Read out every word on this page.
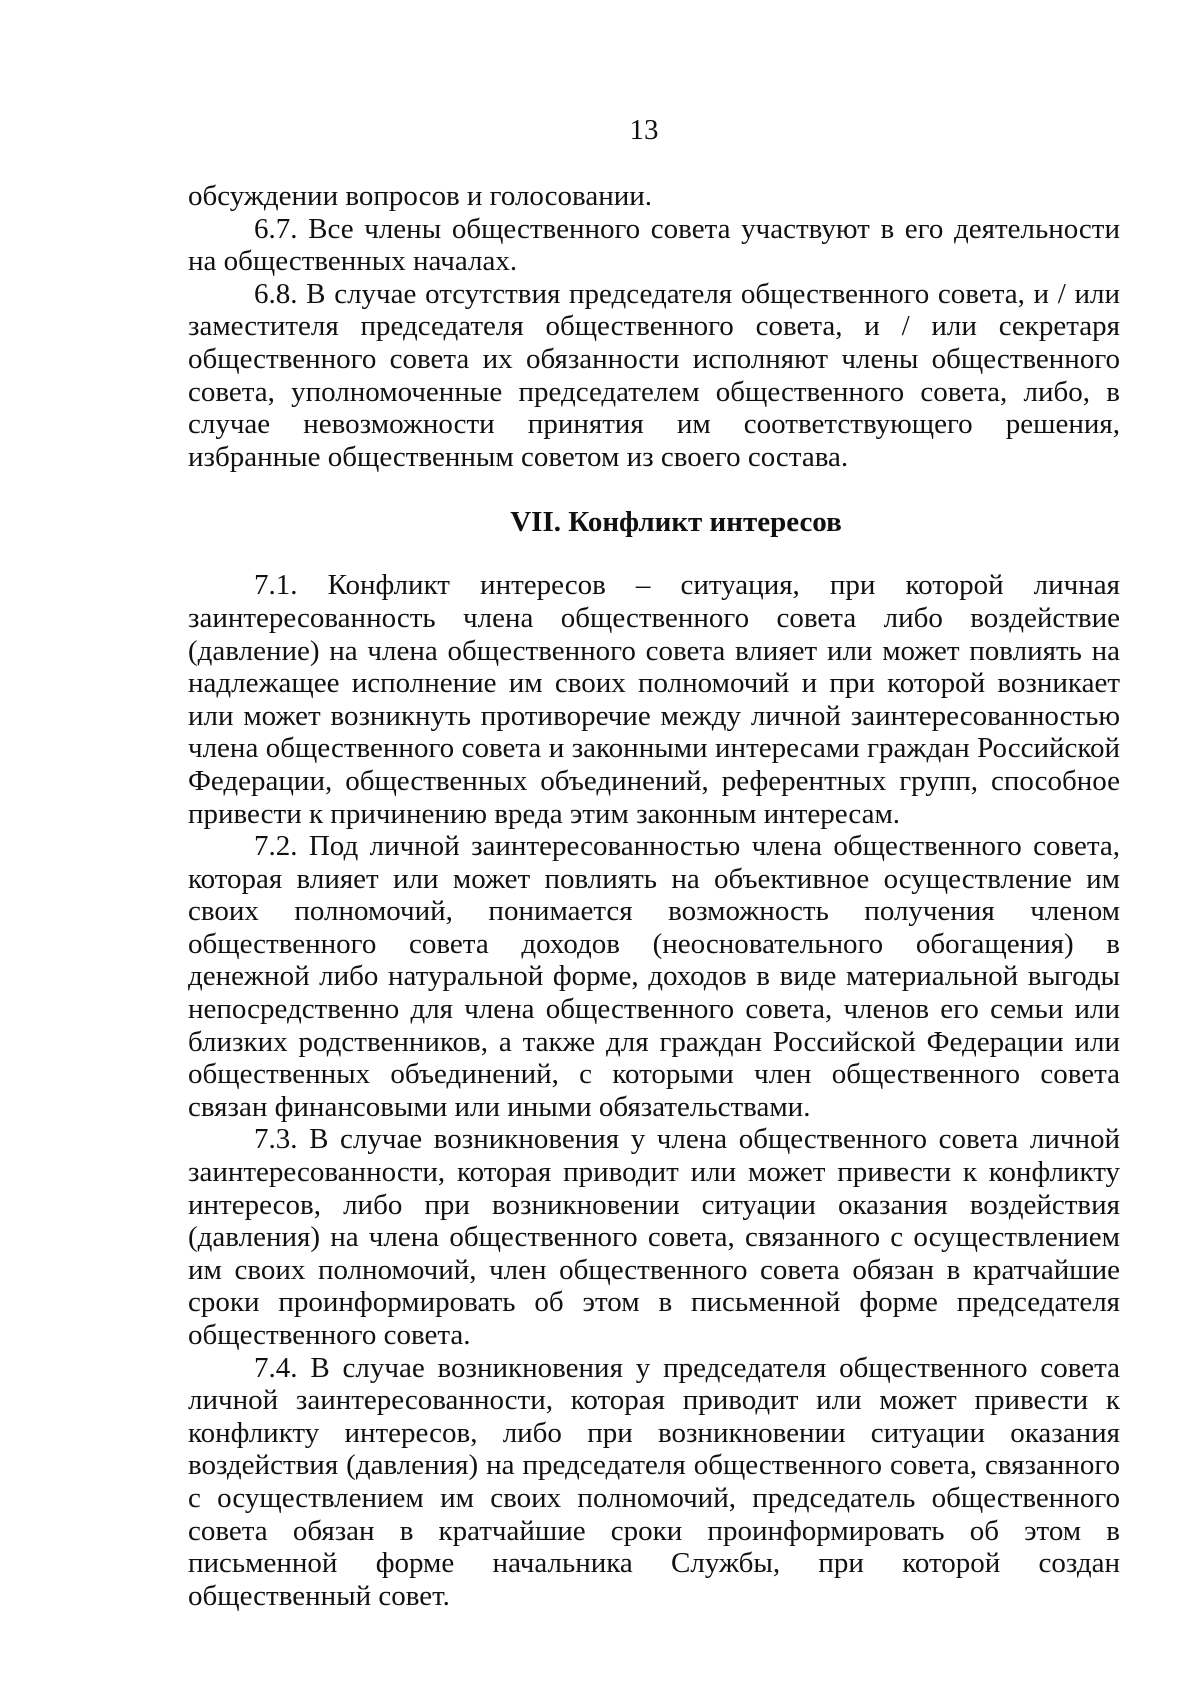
13

обсуждении вопросов и голосовании.

6.7. Все члены общественного совета участвуют в его деятельности на общественных началах.

6.8. В случае отсутствия председателя общественного совета, и / или заместителя председателя общественного совета, и / или секретаря общественного совета их обязанности исполняют члены общественного совета, уполномоченные председателем общественного совета, либо, в случае невозможности принятия им соответствующего решения, избранные общественным советом из своего состава.

VII. Конфликт интересов

7.1. Конфликт интересов – ситуация, при которой личная заинтересованность члена общественного совета либо воздействие (давление) на члена общественного совета влияет или может повлиять на надлежащее исполнение им своих полномочий и при которой возникает или может возникнуть противоречие между личной заинтересованностью члена общественного совета и законными интересами граждан Российской Федерации, общественных объединений, референтных групп, способное привести к причинению вреда этим законным интересам.

7.2. Под личной заинтересованностью члена общественного совета, которая влияет или может повлиять на объективное осуществление им своих полномочий, понимается возможность получения членом общественного совета доходов (неосновательного обогащения) в денежной либо натуральной форме, доходов в виде материальной выгоды непосредственно для члена общественного совета, членов его семьи или близких родственников, а также для граждан Российской Федерации или общественных объединений, с которыми член общественного совета связан финансовыми или иными обязательствами.

7.3. В случае возникновения у члена общественного совета личной заинтересованности, которая приводит или может привести к конфликту интересов, либо при возникновении ситуации оказания воздействия (давления) на члена общественного совета, связанного с осуществлением им своих полномочий, член общественного совета обязан в кратчайшие сроки проинформировать об этом в письменной форме председателя общественного совета.

7.4. В случае возникновения у председателя общественного совета личной заинтересованности, которая приводит или может привести к конфликту интересов, либо при возникновении ситуации оказания воздействия (давления) на председателя общественного совета, связанного с осуществлением им своих полномочий, председатель общественного совета обязан в кратчайшие сроки проинформировать об этом в письменной форме начальника Службы, при которой создан общественный совет.
